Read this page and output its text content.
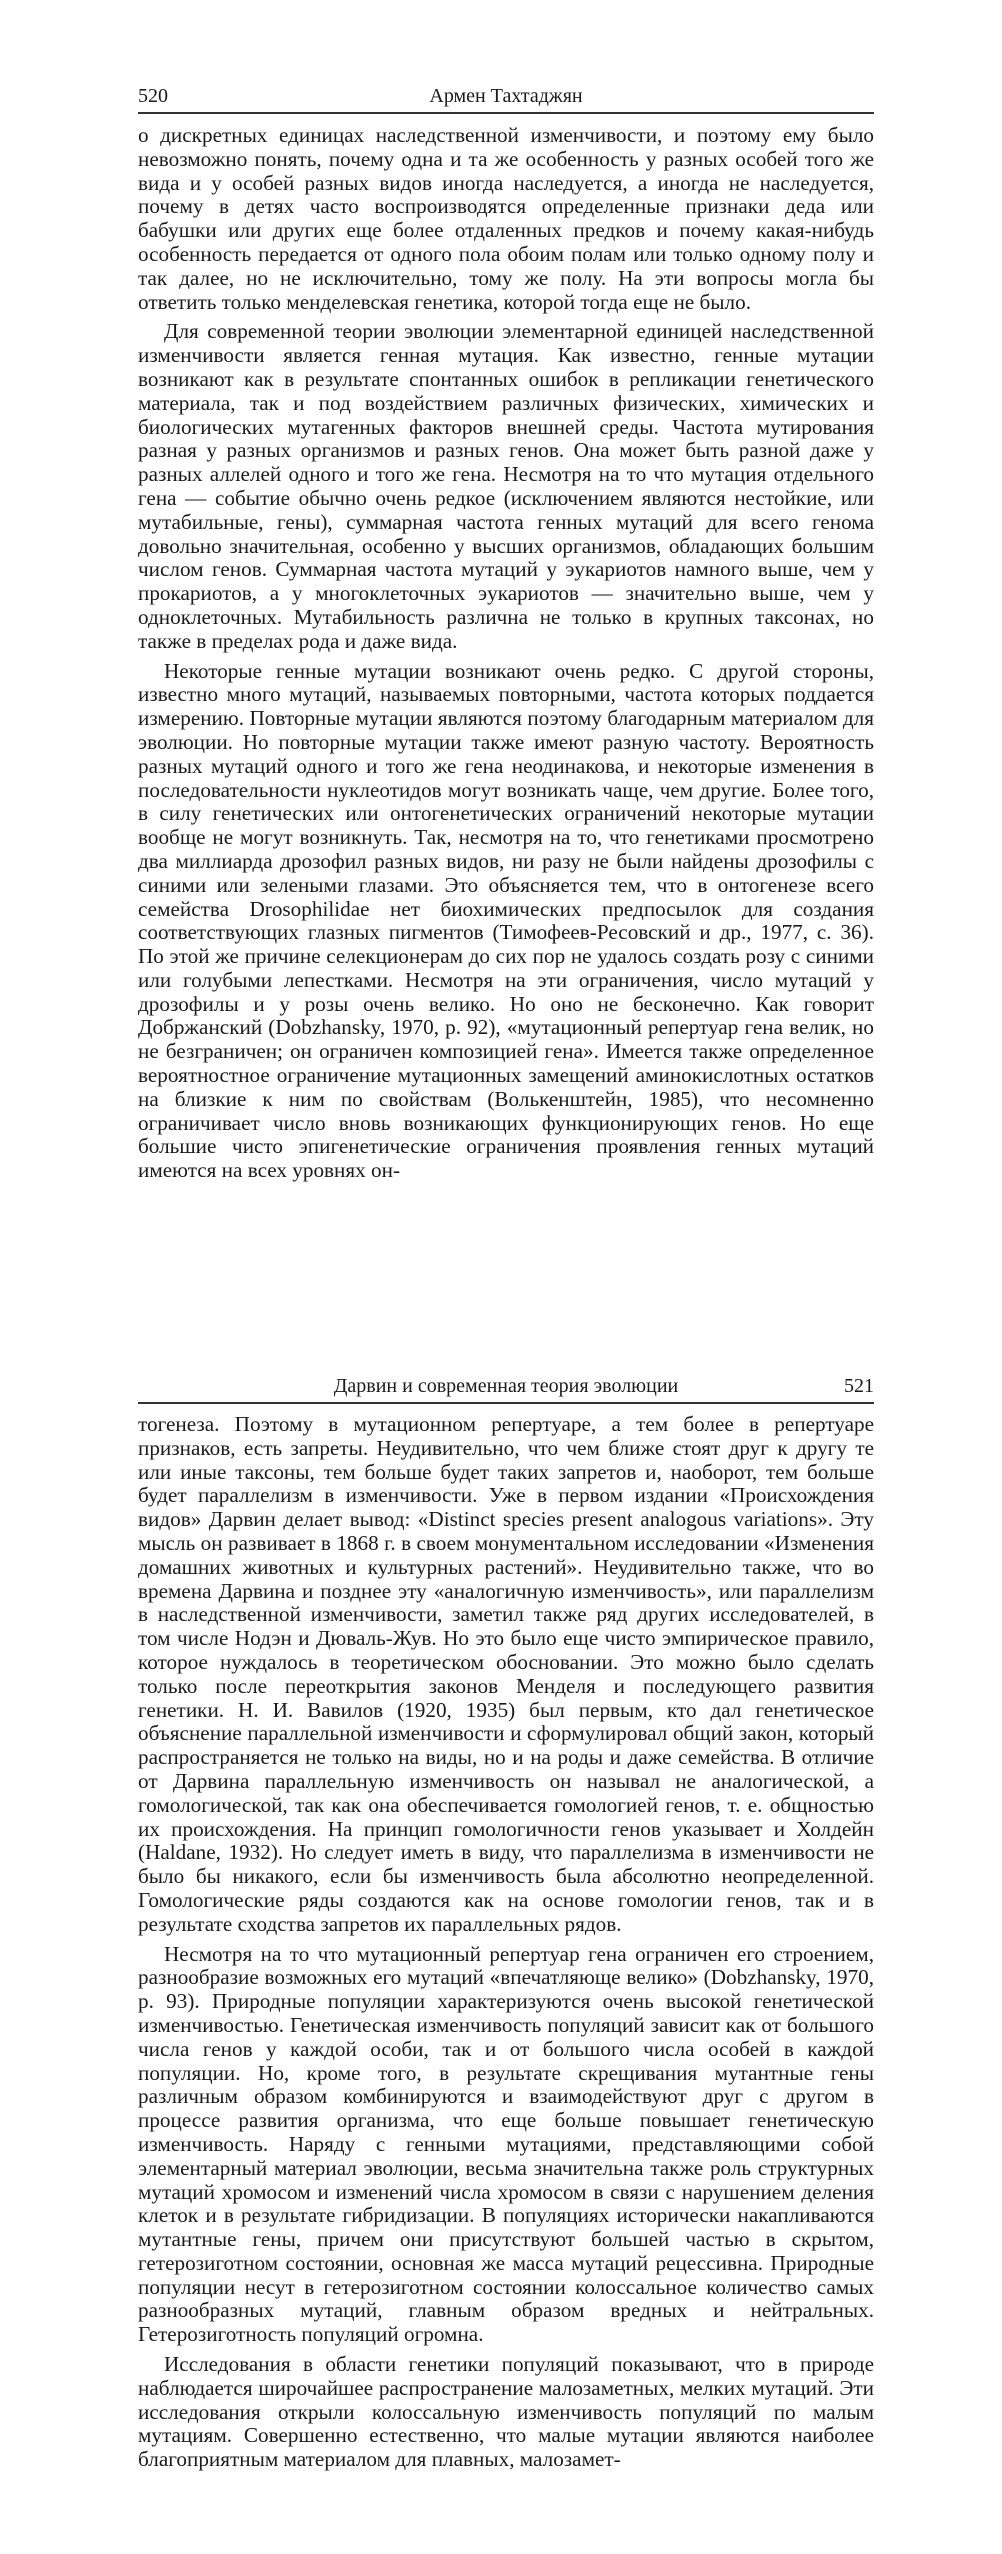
520	Армен Тахтаджян

о дискретных единицах наследственной изменчивости, и поэтому ему было невозможно понять, почему одна и та же особенность у разных особей того же вида и у особей разных видов иногда наследуется, а иногда не наследуется, почему в детях часто воспроизводятся определенные признаки деда или бабушки или других еще более отдаленных предков и почему какая-нибудь особенность передается от одного пола обоим полам или только одному полу и так далее, но не исключительно, тому же полу. На эти вопросы могла бы ответить только менделевская генетика, которой тогда еще не было.

Для современной теории эволюции элементарной единицей наследственной изменчивости является генная мутация. Как известно, генные мутации возникают как в результате спонтанных ошибок в репликации генетического материала, так и под воздействием различных физических, химических и биологических мутагенных факторов внешней среды. Частота мутирования разная у разных организмов и разных генов. Она может быть разной даже у разных аллелей одного и того же гена. Несмотря на то что мутация отдельного гена — событие обычно очень редкое (исключением являются нестойкие, или мутабильные, гены), суммарная частота генных мутаций для всего генома довольно значительная, особенно у высших организмов, обладающих большим числом генов. Суммарная частота мутаций у эукариотов намного выше, чем у прокариотов, а у многоклеточных эукариотов — значительно выше, чем у одноклеточных. Мутабильность различна не только в крупных таксонах, но также в пределах рода и даже вида.

Некоторые генные мутации возникают очень редко. С другой стороны, известно много мутаций, называемых повторными, частота которых поддается измерению. Повторные мутации являются поэтому благодарным материалом для эволюции. Но повторные мутации также имеют разную частоту. Вероятность разных мутаций одного и того же гена неодинакова, и некоторые изменения в последовательности нуклеотидов могут возникать чаще, чем другие. Более того, в силу генетических или онтогенетических ограничений некоторые мутации вообще не могут возникнуть. Так, несмотря на то, что генетиками просмотрено два миллиарда дрозофил разных видов, ни разу не были найдены дрозофилы с синими или зелеными глазами. Это объясняется тем, что в онтогенезе всего семейства Drosophilidae нет биохимических предпосылок для создания соответствующих глазных пигментов (Тимофеев-Ресовский и др., 1977, с. 36). По этой же причине селекционерам до сих пор не удалось создать розу с синими или голубыми лепестками. Несмотря на эти ограничения, число мутаций у дрозофилы и у розы очень велико. Но оно не бесконечно. Как говорит Добржанский (Dobzhansky, 1970, p. 92), «мутационный репертуар гена велик, но не безграничен; он ограничен композицией гена». Имеется также определенное вероятностное ограничение мутационных замещений аминокислотных остатков на близкие к ним по свойствам (Волькенштейн, 1985), что несомненно ограничивает число вновь возникающих функционирующих генов. Но еще большие чисто эпигенетические ограничения проявления генных мутаций имеются на всех уровнях он-

Дарвин и современная теория эволюции	521

тогенеза. Поэтому в мутационном репертуаре, а тем более в репертуаре признаков, есть запреты. Неудивительно, что чем ближе стоят друг к другу те или иные таксоны, тем больше будет таких запретов и, наоборот, тем больше будет параллелизм в изменчивости. Уже в первом издании «Происхождения видов» Дарвин делает вывод: «Distinct species present analogous variations». Эту мысль он развивает в 1868 г. в своем монументальном исследовании «Изменения домашних животных и культурных растений». Неудивительно также, что во времена Дарвина и позднее эту «аналогичную изменчивость», или параллелизм в наследственной изменчивости, заметил также ряд других исследователей, в том числе Нодэн и Дюваль-Жув. Но это было еще чисто эмпирическое правило, которое нуждалось в теоретическом обосновании. Это можно было сделать только после переоткрытия законов Менделя и последующего развития генетики. Н. И. Вавилов (1920, 1935) был первым, кто дал генетическое объяснение параллельной изменчивости и сформулировал общий закон, который распространяется не только на виды, но и на роды и даже семейства. В отличие от Дарвина параллельную изменчивость он называл не аналогической, а гомологической, так как она обеспечивается гомологией генов, т. е. общностью их происхождения. На принцип гомологичности генов указывает и Холдейн (Haldane, 1932). Но следует иметь в виду, что параллелизма в изменчивости не было бы никакого, если бы изменчивость была абсолютно неопределенной. Гомологические ряды создаются как на основе гомологии генов, так и в результате сходства запретов их параллельных рядов.

Несмотря на то что мутационный репертуар гена ограничен его строением, разнообразие возможных его мутаций «впечатляюще велико» (Dobzhansky, 1970, p. 93). Природные популяции характеризуются очень высокой генетической изменчивостью. Генетическая изменчивость популяций зависит как от большого числа генов у каждой особи, так и от большого числа особей в каждой популяции. Но, кроме того, в результате скрещивания мутантные гены различным образом комбинируются и взаимодействуют друг с другом в процессе развития организма, что еще больше повышает генетическую изменчивость. Наряду с генными мутациями, представляющими собой элементарный материал эволюции, весьма значительна также роль структурных мутаций хромосом и изменений числа хромосом в связи с нарушением деления клеток и в результате гибридизации. В популяциях исторически накапливаются мутантные гены, причем они присутствуют большей частью в скрытом, гетерозиготном состоянии, основная же масса мутаций рецессивна. Природные популяции несут в гетерозиготном состоянии колоссальное количество самых разнообразных мутаций, главным образом вредных и нейтральных. Гетерозиготность популяций огромна.

Исследования в области генетики популяций показывают, что в природе наблюдается широчайшее распространение малозаметных, мелких мутаций. Эти исследования открыли колоссальную изменчивость популяций по малым мутациям. Совершенно естественно, что малые мутации являются наиболее благоприятным материалом для плавных, малозамет-
